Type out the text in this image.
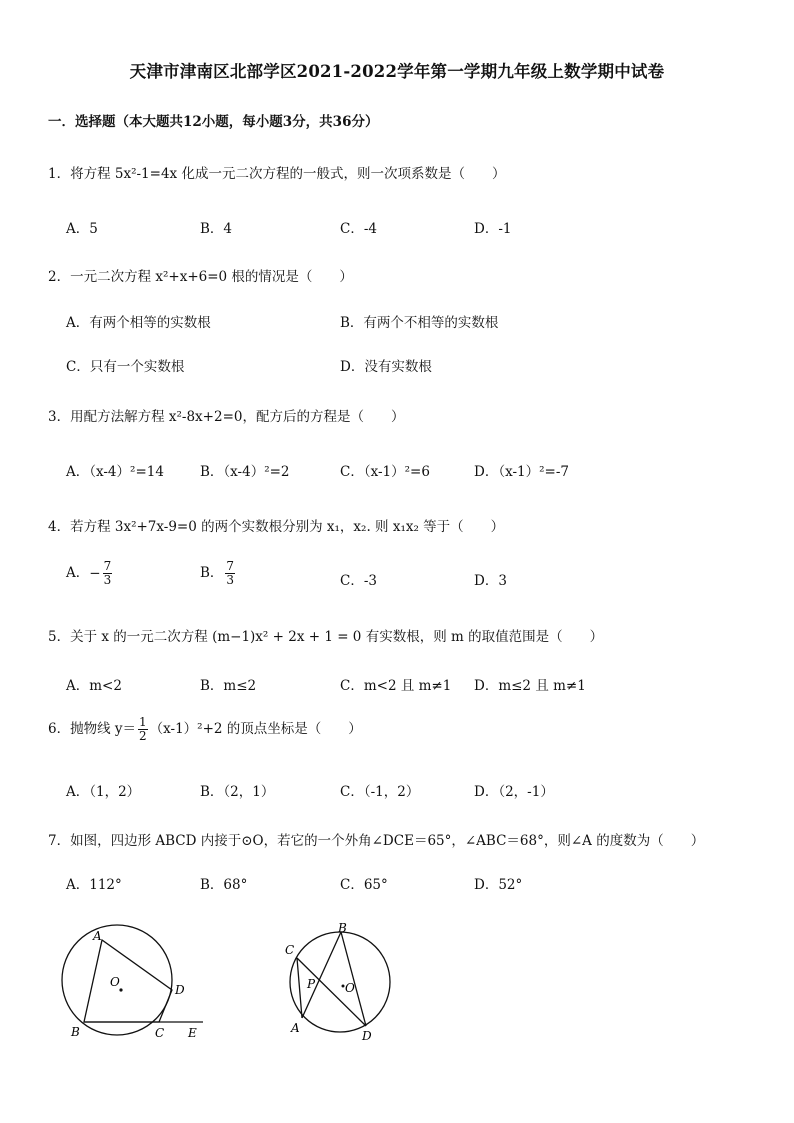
天津市津南区北部学区2021-2022学年第一学期九年级上数学期中试卷
一．选择题（本大题共12小题，每小题3分，共36分）
1．将方程 5x²-1=4x 化成一元二次方程的一般式，则一次项系数是（　　）
A．5	B．4	C．-4	D．-1
2．一元二次方程 x²+x+6=0 根的情况是（　　）
A．有两个相等的实数根	B．有两个不相等的实数根
C．只有一个实数根	D．没有实数根
3．用配方法解方程 x²-8x+2=0，配方后的方程是（　　）
A．（x-4）²=14	B．（x-4）²=2	C．（x-1）²=6	D．（x-1）²=-7
4．若方程 3x²+7x-9=0 的两个实数根分别为 x₁，x₂. 则 x₁x₂ 等于（　　）
A．− $\frac{7}{3}$	B． $\frac{7}{3}$	C．-3	D．3
5．关于 x 的一元二次方程 (m−1)x² + 2x + 1 = 0 有实数根，则 m 的取值范围是（　　）
A．m<2	B．m≤2	C．m<2 且 m≠1 D．m≤2 且 m≠1
6．抛物线 $y= \frac{1}{2} (x-1)^2+2$ 的顶点坐标是（　　）
A．（1，2）	B．（2，1）	C．（-1，2）	D．（2，-1）
7．如图，四边形 ABCD 内接于⊙O，若它的一个外角∠DCE＝65°，∠ABC＝68°，则∠A 的度数为（　　）
A．112°	B．68°	C．65°	D．52°
A
B	C
D
E
O
B
C
P O
A
D
